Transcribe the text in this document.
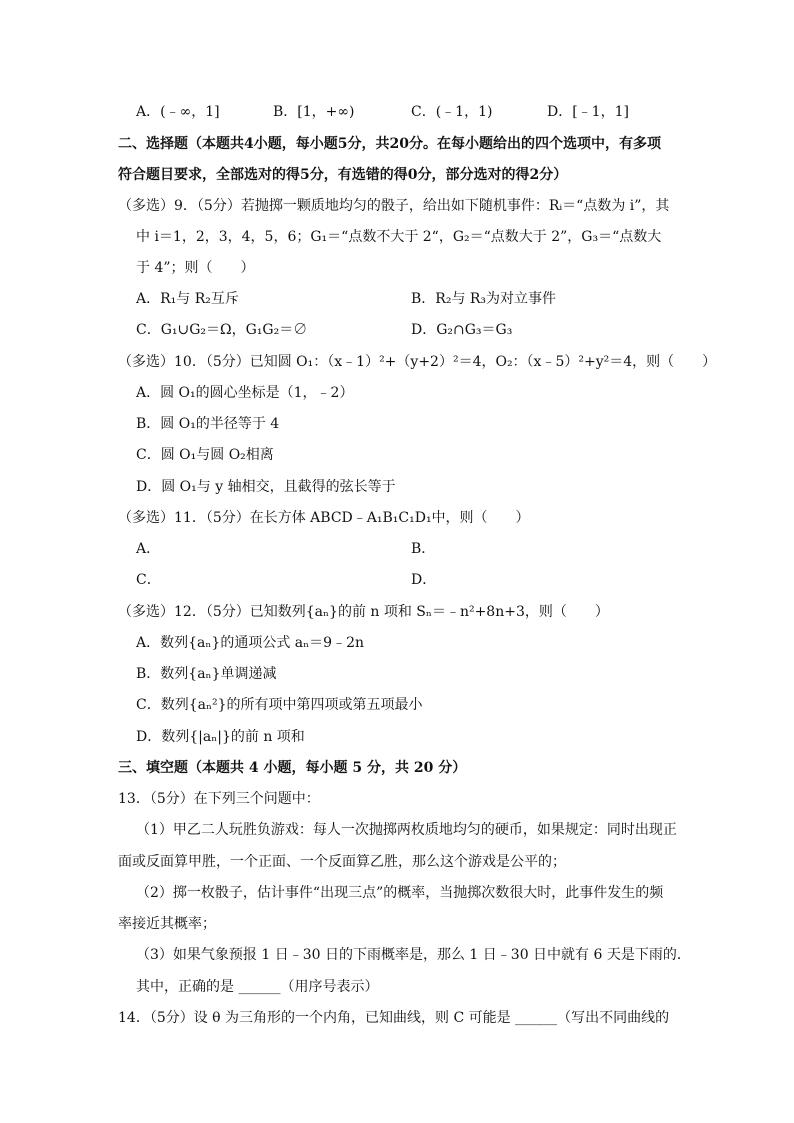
A．(﹣∞，1]	B．[1，+∞)	C．(﹣1，1)	D．[﹣1，1]
二、选择题（本题共4小题，每小题5分，共20分。在每小题给出的四个选项中，有多项
符合题目要求，全部选对的得5分，有选错的得0分，部分选对的得2分）
（多选）9．（5分）若抛掷一颗质地均匀的骰子，给出如下随机事件：Rᵢ＝“点数为 i”，其
中 i＝1，2，3，4，5，6；G₁＝“点数不大于 2“，G₂＝“点数大于 2”，G₃＝“点数大
于 4”；则（　　）
A．R₁与 R₂互斥	B．R₂与 R₃为对立事件
C．G₁∪G₂＝Ω，G₁G₂＝∅	D．G₂∩G₃＝G₃
（多选）10．（5分）已知圆 O₁：（x﹣1）²+（y+2）²＝4，O₂：（x﹣5）²+y²＝4，则（　　）
A．圆 O₁的圆心坐标是（1，﹣2）
B．圆 O₁的半径等于 4
C．圆 O₁与圆 O₂相离
D．圆 O₁与 y 轴相交，且截得的弦长等于
（多选）11．（5分）在长方体 ABCD﹣A₁B₁C₁D₁中，则（　　）
A．	B．
C．	D．
（多选）12．（5分）已知数列{aₙ}的前 n 项和 Sₙ＝﹣n²+8n+3，则（　　）
A．数列{aₙ}的通项公式 aₙ＝9﹣2n
B．数列{aₙ}单调递减
C．数列{aₙ²}的所有项中第四项或第五项最小
D．数列{|aₙ|}的前 n 项和
三、填空题（本题共 4 小题，每小题 5 分，共 20 分）
13．（5分）在下列三个问题中：
（1）甲乙二人玩胜负游戏：每人一次抛掷两枚质地均匀的硬币，如果规定：同时出现正
面或反面算甲胜，一个正面、一个反面算乙胜，那么这个游戏是公平的；
（2）掷一枚骰子，估计事件“出现三点”的概率，当抛掷次数很大时，此事件发生的频
率接近其概率；
（3）如果气象预报 1 日﹣30 日的下雨概率是，那么 1 日﹣30 日中就有 6 天是下雨的．
其中，正确的是 ______（用序号表示）
14．（5分）设 θ 为三角形的一个内角，已知曲线，则 C 可能是 ______（写出不同曲线的
